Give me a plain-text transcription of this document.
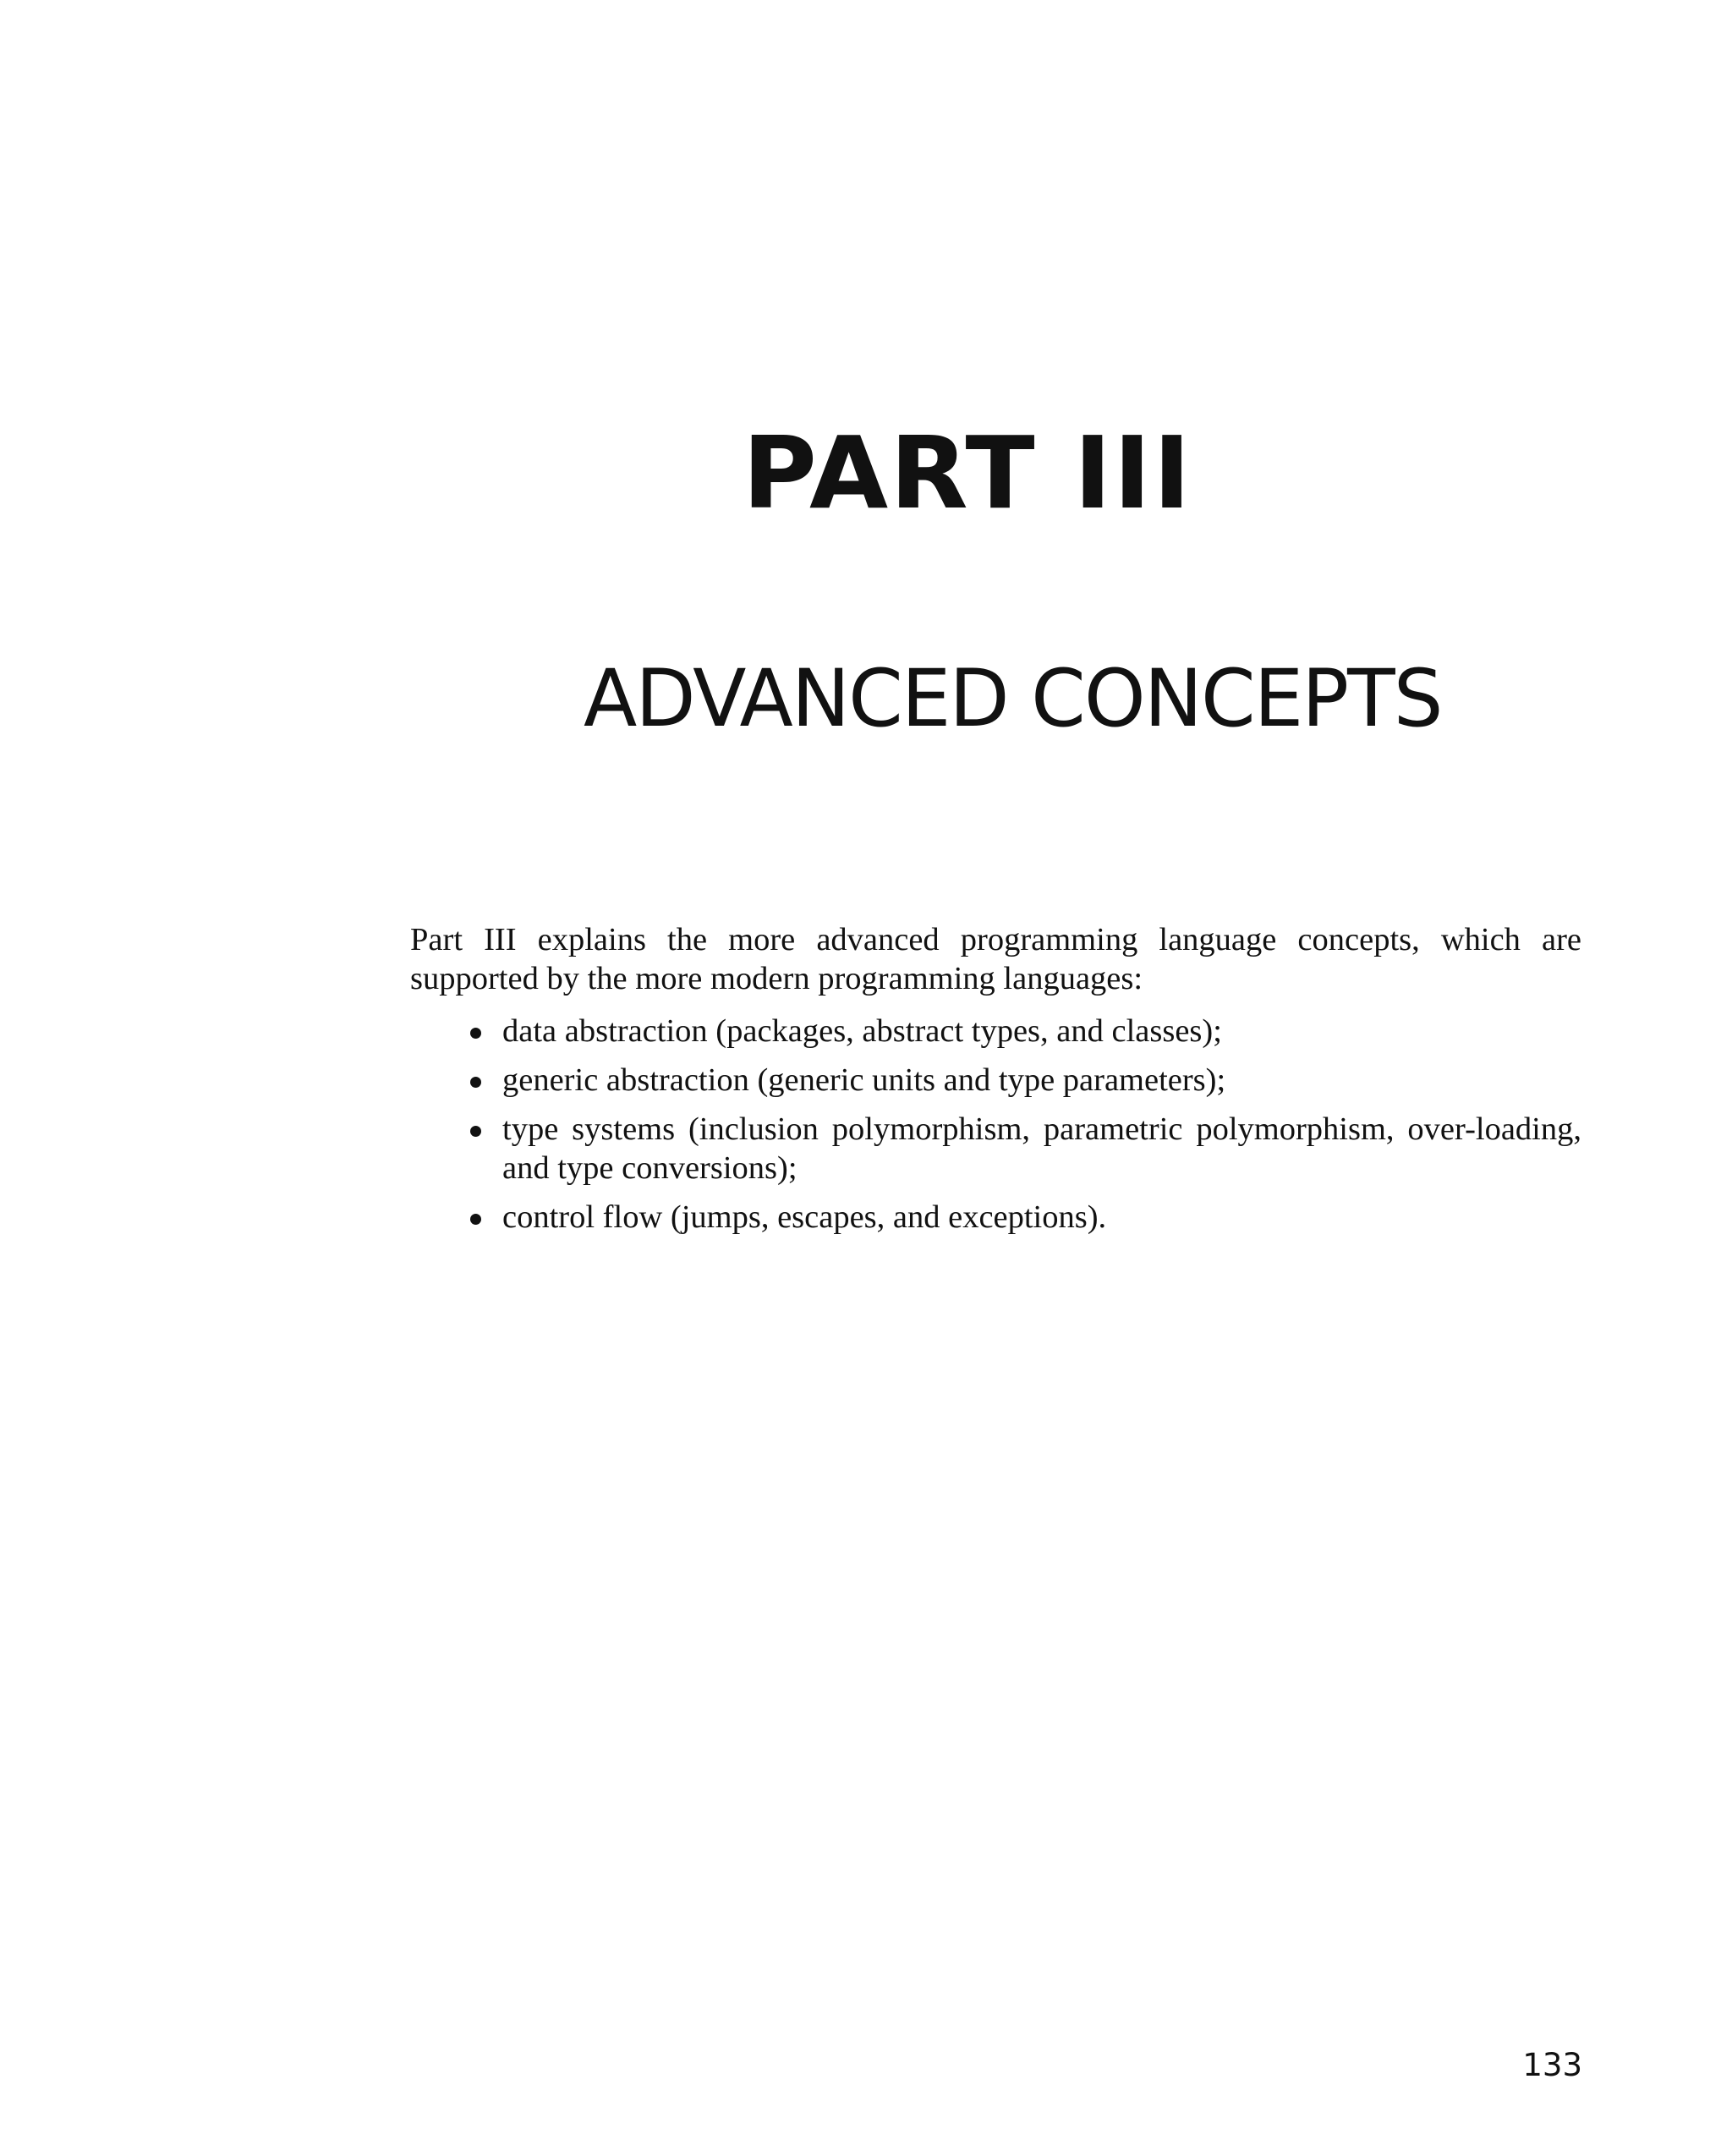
PART III
ADVANCED CONCEPTS

Part III explains the more advanced programming language concepts, which are supported by the more modern programming languages:

data abstraction (packages, abstract types, and classes);
generic abstraction (generic units and type parameters);
type systems (inclusion polymorphism, parametric polymorphism, over-loading, and type conversions);
control flow (jumps, escapes, and exceptions).
133
